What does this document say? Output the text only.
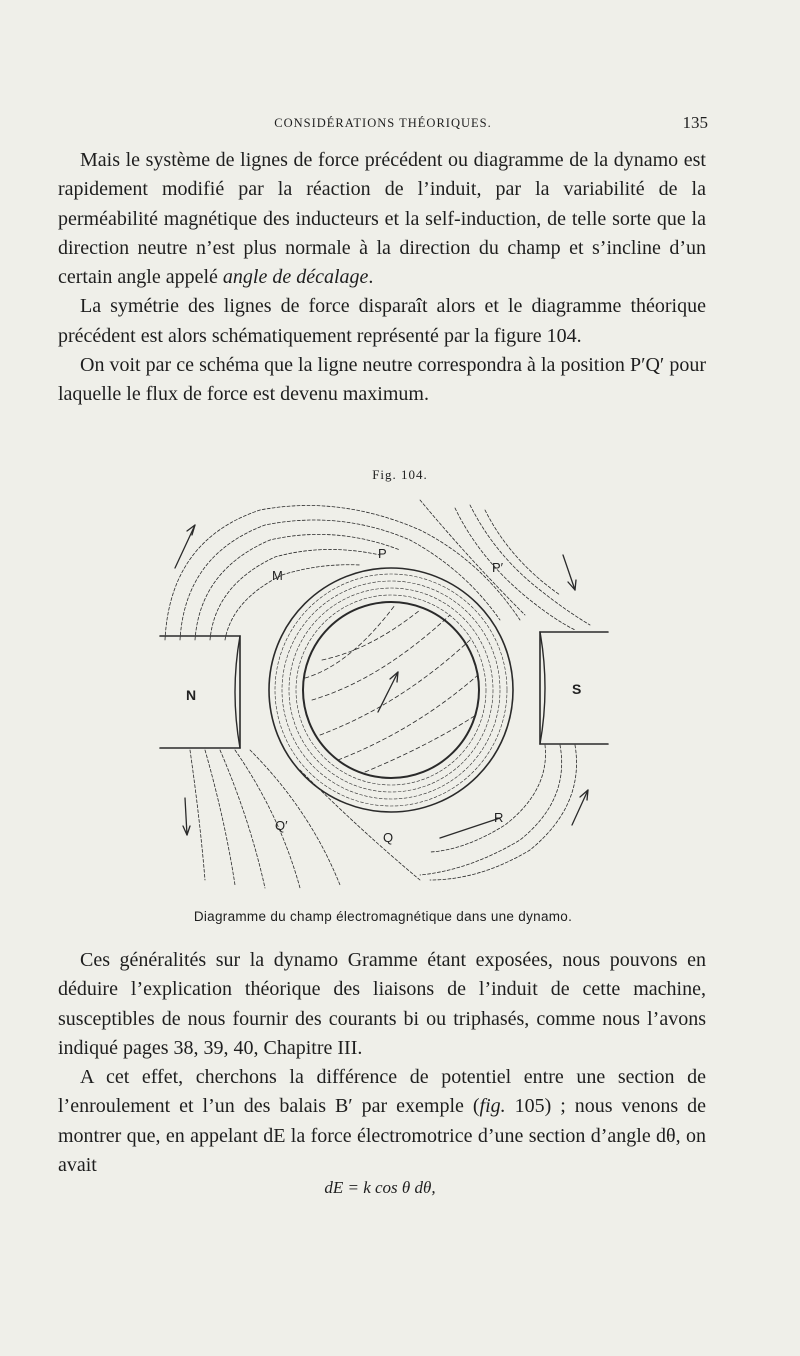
CONSIDÉRATIONS THÉORIQUES.	135

Mais le système de lignes de force précédent ou diagramme de la dynamo est rapidement modifié par la réaction de l’induit, par la variabilité de la perméabilité magnétique des inducteurs et la self-induction, de telle sorte que la direction neutre n’est plus normale à la direction du champ et s’incline d’un certain angle appelé angle de décalage.

La symétrie des lignes de force disparaît alors et le diagramme théorique précédent est alors schématiquement représenté par la figure 104.

On voit par ce schéma que la ligne neutre correspondra à la position P′Q′ pour laquelle le flux de force est devenu maximum.

Fig. 104.
N	S
P
P′
M
Q
Q′
R
Diagramme du champ électromagnétique dans une dynamo.

Ces généralités sur la dynamo Gramme étant exposées, nous pouvons en déduire l’explication théorique des liaisons de l’induit de cette machine, susceptibles de nous fournir des courants bi ou triphasés, comme nous l’avons indiqué pages 38, 39, 40, Chapitre III.

A cet effet, cherchons la différence de potentiel entre une section de l’enroulement et l’un des balais B′ par exemple (fig. 105) ; nous venons de montrer que, en appelant dE la force électromotrice d’une section d’angle dθ, on avait

dE = k cos θ dθ,
